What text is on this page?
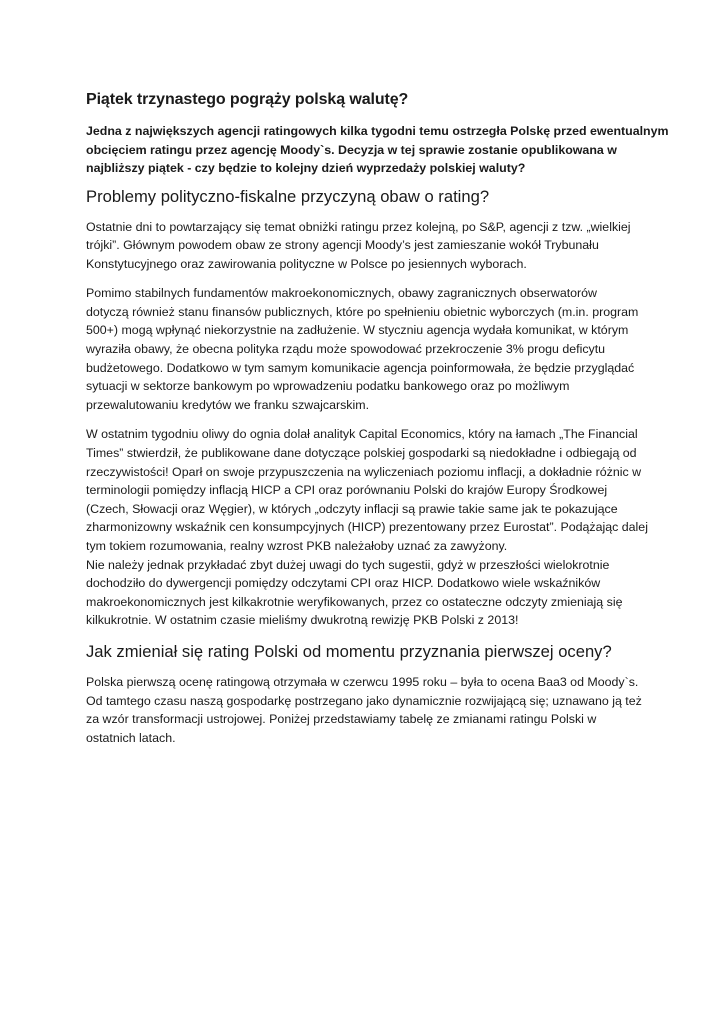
Piątek trzynastego pogrąży polską walutę?

Jedna z największych agencji ratingowych kilka tygodni temu ostrzegła Polskę przed ewentualnym
obcięciem ratingu przez agencję Moody`s. Decyzja w tej sprawie zostanie opublikowana w
najbliższy piątek - czy będzie to kolejny dzień wyprzedaży polskiej waluty?

Problemy polityczno-fiskalne przyczyną obaw o rating?

Ostatnie dni to powtarzający się temat obniżki ratingu przez kolejną, po S&P, agencji z tzw. „wielkiej
trójki”. Głównym powodem obaw ze strony agencji Moody’s jest zamieszanie wokół Trybunału
Konstytucyjnego oraz zawirowania polityczne w Polsce po jesiennych wyborach.

Pomimo stabilnych fundamentów makroekonomicznych, obawy zagranicznych obserwatorów
dotyczą również stanu finansów publicznych, które po spełnieniu obietnic wyborczych (m.in. program
500+) mogą wpłynąć niekorzystnie na zadłużenie. W styczniu agencja wydała komunikat, w którym
wyraziła obawy, że obecna polityka rządu może spowodować przekroczenie 3% progu deficytu
budżetowego. Dodatkowo w tym samym komunikacie agencja poinformowała, że będzie przyglądać
sytuacji w sektorze bankowym po wprowadzeniu podatku bankowego oraz po możliwym
przewalutowaniu kredytów we franku szwajcarskim.

W ostatnim tygodniu oliwy do ognia dolał analityk Capital Economics, który na łamach „The Financial
Times” stwierdził, że publikowane dane dotyczące polskiej gospodarki są niedokładne i odbiegają od
rzeczywistości! Oparł on swoje przypuszczenia na wyliczeniach poziomu inflacji, a dokładnie różnic w
terminologii pomiędzy inflacją HICP a CPI oraz porównaniu Polski do krajów Europy Środkowej
(Czech, Słowacji oraz Węgier), w których „odczyty inflacji są prawie takie same jak te pokazujące
zharmonizowny wskaźnik cen konsumpcyjnych (HICP) prezentowany przez Eurostat”. Podążając dalej
tym tokiem rozumowania, realny wzrost PKB należałoby uznać za zawyżony.
Nie należy jednak przykładać zbyt dużej uwagi do tych sugestii, gdyż w przeszłości wielokrotnie
dochodziło do dywergencji pomiędzy odczytami CPI oraz HICP. Dodatkowo wiele wskaźników
makroekonomicznych jest kilkakrotnie weryfikowanych, przez co ostateczne odczyty zmieniają się
kilkukrotnie. W ostatnim czasie mieliśmy dwukrotną rewizję PKB Polski z 2013!

Jak zmieniał się rating Polski od momentu przyznania pierwszej oceny?

Polska pierwszą ocenę ratingową otrzymała w czerwcu 1995 roku – była to ocena Baa3 od Moody`s.
Od tamtego czasu naszą gospodarkę postrzegano jako dynamicznie rozwijającą się; uznawano ją też
za wzór transformacji ustrojowej. Poniżej przedstawiamy tabelę ze zmianami ratingu Polski w
ostatnich latach.
